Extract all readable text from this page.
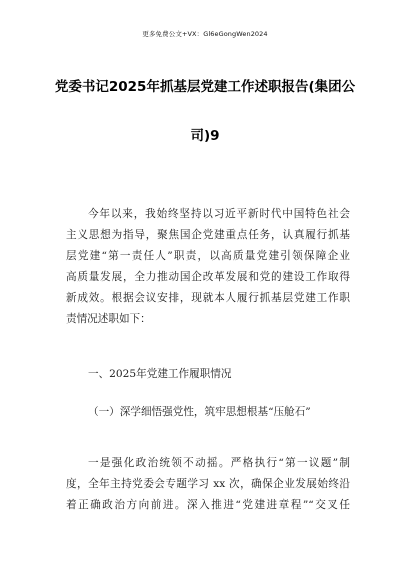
更多免费公文+VX：Gl6eGongWen2024
党委书记2025年抓基层党建工作述职报告(集团公
司)9
今年以来，我始终坚持以习近平新时代中国特色社会
主义思想为指导，聚焦国企党建重点任务，认真履行抓基
层党建“第一责任人”职责，以高质量党建引领保障企业
高质量发展，全力推动国企改革发展和党的建设工作取得
新成效。根据会议安排，现就本人履行抓基层党建工作职
责情况述职如下：
一、2025年党建工作履职情况
（一）深学细悟强党性，筑牢思想根基“压舱石”
一是强化政治统领不动摇。严格执行“第一议题”制
度，全年主持党委会专题学习 xx 次，确保企业发展始终沿
着正确政治方向前进。深入推进“党建进章程”“交叉任
